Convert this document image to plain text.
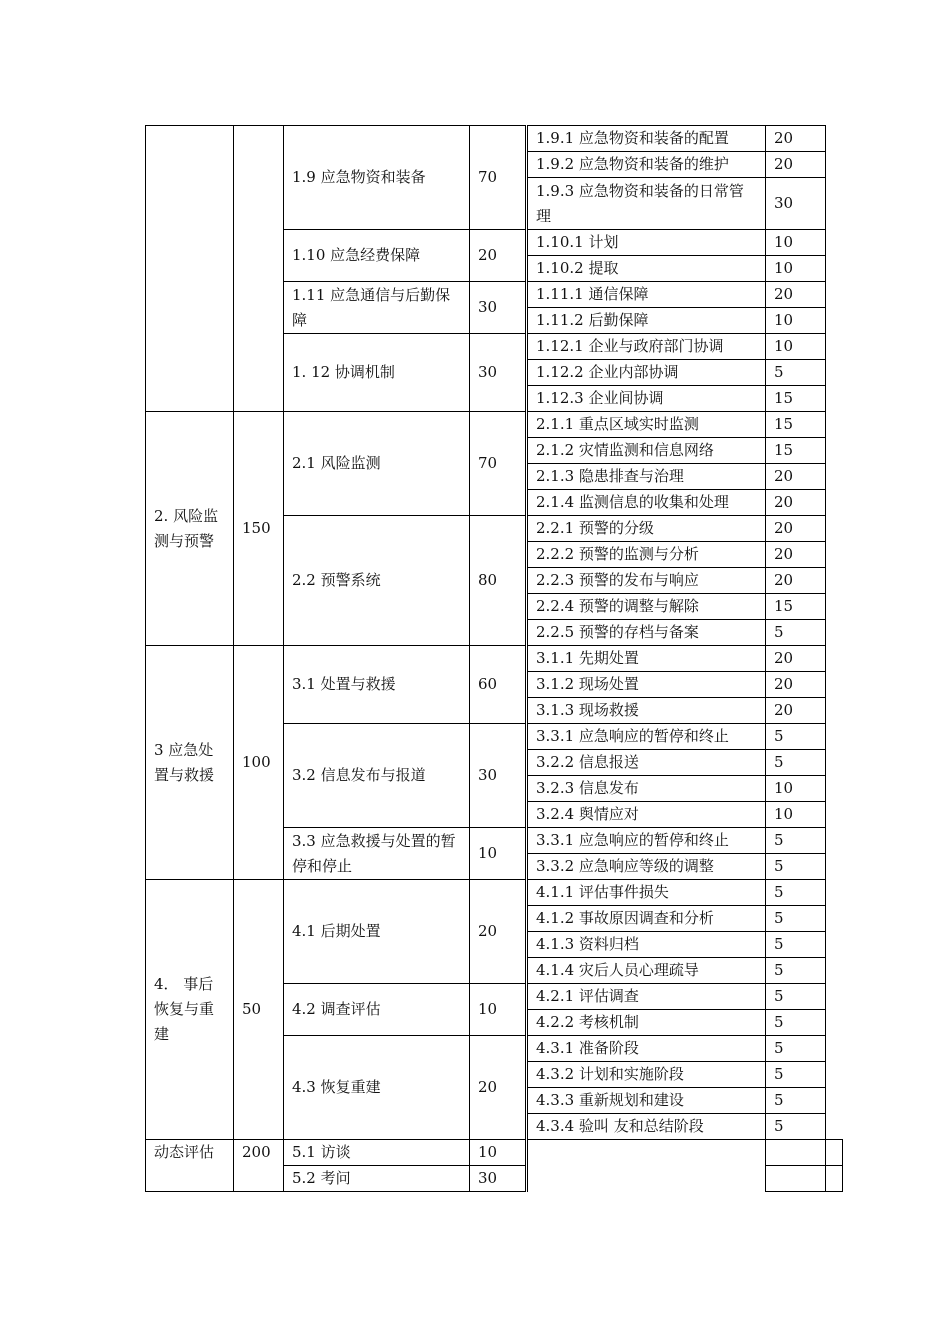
		1.9 应急物资和装备	70		1.9.1 应急物资和装备的配置	20	
					1.9.2 应急物资和装备的维护	20	
					1.9.3 应急物资和装备的日常管理	30	
		1.10 应急经费保障	20		1.10.1 计划	10	
					1.10.2 提取	10	
		1.11 应急通信与后勤保障	30		1.11.1 通信保障	20	
					1.11.2 后勤保障	10	
		1. 12 协调机制	30		1.12.1 企业与政府部门协调	10	
					1.12.2 企业内部协调	5	
					1.12.3 企业间协调	15	
2. 风险监测与预警	150	2.1 风险监测	70		2.1.1 重点区域实时监测	15	
					2.1.2 灾情监测和信息网络	15	
					2.1.3 隐患排查与治理	20	
					2.1.4 监测信息的收集和处理	20	
		2.2 预警系统	80		2.2.1 预警的分级	20	
					2.2.2 预警的监测与分析	20	
					2.2.3 预警的发布与响应	20	
					2.2.4 预警的调整与解除	15	
					2.2.5 预警的存档与备案	5	
3 应急处置与救援	100	3.1 处置与救援	60		3.1.1 先期处置	20	
					3.1.2 现场处置	20	
					3.1.3 现场救援	20	
		3.2 信息发布与报道	30		3.3.1 应急响应的暂停和终止	5	
					3.2.2 信息报送	5	
					3.2.3 信息发布	10	
					3.2.4 舆情应对	10	
		3.3 应急救援与处置的暂停和停止	10		3.3.1 应急响应的暂停和终止	5	
					3.3.2 应急响应等级的调整	5	
4． 事后恢复与重建	50	4.1 后期处置	20		4.1.1 评估事件损失	5	
					4.1.2 事故原因调查和分析	5	
					4.1.3 资料归档	5	
					4.1.4 灾后人员心理疏导	5	
		4.2 调查评估	10		4.2.1 评估调查	5	
					4.2.2 考核机制	5	
		4.3 恢复重建	20		4.3.1 准备阶段	5	
					4.3.2 计划和实施阶段	5	
					4.3.3 重新规划和建设	5	
					4.3.4 验叫 友和总结阶段	5	
动态评估	200	5.1 访谈	10				
		5.2 考问	30				
